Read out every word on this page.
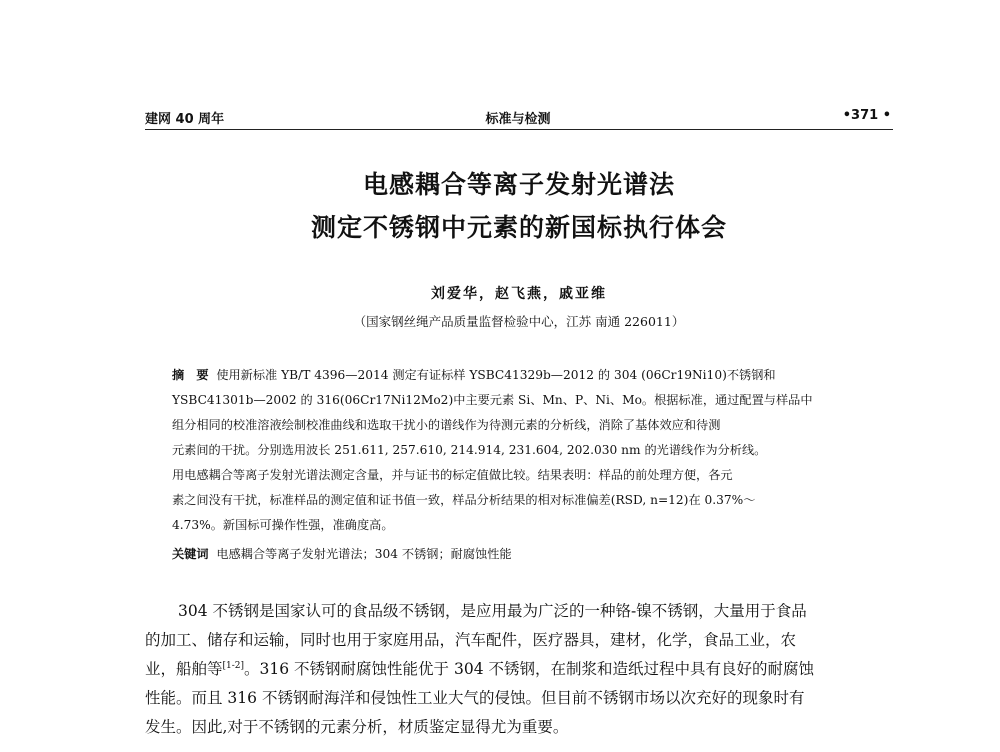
建网 40 周年	标准与检测	•371 •
电感耦合等离子发射光谱法
测定不锈钢中元素的新国标执行体会
刘爱华，赵飞燕，戚亚维
（国家钢丝绳产品质量监督检验中心，江苏 南通 226011）
摘　要 使用新标准 YB/T 4396—2014 测定有证标样 YSBC41329b—2012 的 304 (06Cr19Ni10)不锈钢和
YSBC41301b—2002 的 316(06Cr17Ni12Mo2)中主要元素 Si、Mn、P、Ni、Mo。根据标准，通过配置与样品中
组分相同的校准溶液绘制校准曲线和选取干扰小的谱线作为待测元素的分析线，消除了基体效应和待测
元素间的干扰。分别选用波长 251.611, 257.610, 214.914, 231.604, 202.030 nm 的光谱线作为分析线。
用电感耦合等离子发射光谱法测定含量，并与证书的标定值做比较。结果表明：样品的前处理方便，各元
素之间没有干扰，标准样品的测定值和证书值一致，样品分析结果的相对标准偏差(RSD, n=12)在 0.37%～
4.73%。新国标可操作性强，准确度高。
关键词 电感耦合等离子发射光谱法；304 不锈钢；耐腐蚀性能
304 不锈钢是国家认可的食品级不锈钢，是应用最为广泛的一种铬-镍不锈钢，大量用于食品
的加工、储存和运输，同时也用于家庭用品，汽车配件，医疗器具，建材，化学，食品工业，农
业，船舶等[1-2]。316 不锈钢耐腐蚀性能优于 304 不锈钢，在制浆和造纸过程中具有良好的耐腐蚀
性能。而且 316 不锈钢耐海洋和侵蚀性工业大气的侵蚀。但目前不锈钢市场以次充好的现象时有
发生。因此,对于不锈钢的元素分析，材质鉴定显得尤为重要。
